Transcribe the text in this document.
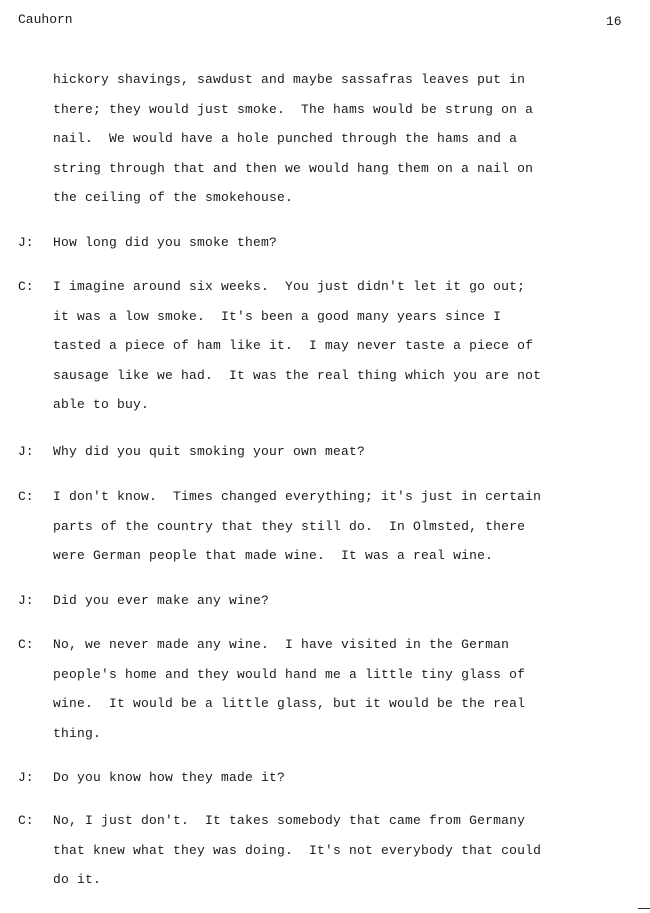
Cauhorn	16
hickory shavings, sawdust and maybe sassafras leaves put in
there; they would just smoke.  The hams would be strung on a
nail.  We would have a hole punched through the hams and a
string through that and then we would hang them on a nail on
the ceiling of the smokehouse.
J: How long did you smoke them?
C: I imagine around six weeks.  You just didn't let it go out;
it was a low smoke.  It's been a good many years since I
tasted a piece of ham like it.  I may never taste a piece of
sausage like we had.  It was the real thing which you are not
able to buy.
J: Why did you quit smoking your own meat?
C: I don't know.  Times changed everything; it's just in certain
parts of the country that they still do.  In Olmsted, there
were German people that made wine.  It was a real wine.
J: Did you ever make any wine?
C: No, we never made any wine.  I have visited in the German
people's home and they would hand me a little tiny glass of
wine.  It would be a little glass, but it would be the real
thing.
J: Do you know how they made it?
C: No, I just don't.  It takes somebody that came from Germany
that knew what they was doing.  It's not everybody that could
do it.
